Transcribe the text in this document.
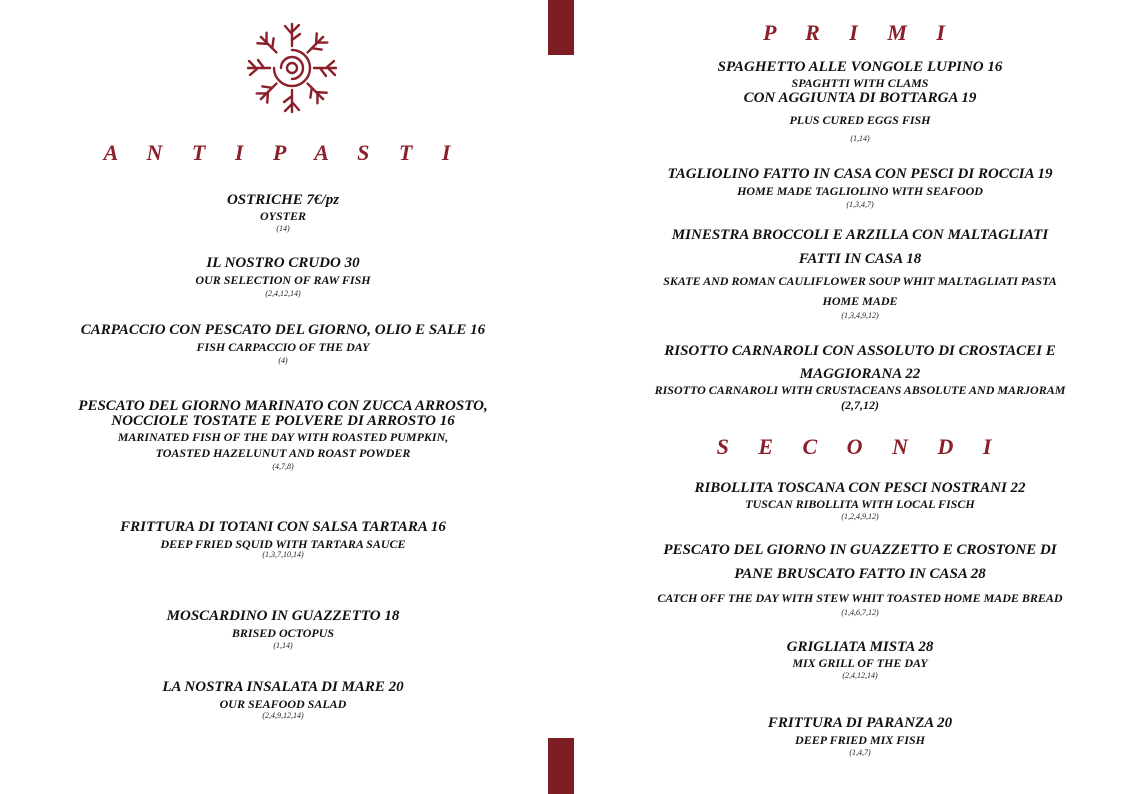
A N T I P A S T I
OSTRICHE 7€/pz
OYSTER
(14)
IL NOSTRO CRUDO 30
OUR SELECTION OF RAW FISH
(2,4,12,14)
CARPACCIO CON PESCATO DEL GIORNO, OLIO E SALE 16
FISH CARPACCIO OF THE DAY
(4)
PESCATO DEL GIORNO MARINATO CON ZUCCA ARROSTO,
NOCCIOLE TOSTATE E POLVERE DI ARROSTO 16
MARINATED FISH OF THE DAY WITH ROASTED PUMPKIN,
TOASTED HAZELUNUT AND ROAST POWDER
(4,7,8)
FRITTURA DI TOTANI CON SALSA TARTARA 16
DEEP FRIED SQUID WITH TARTARA SAUCE
(1,3,7,10,14)
MOSCARDINO IN GUAZZETTO 18
BRISED OCTOPUS
(1,14)
LA NOSTRA INSALATA DI MARE 20
OUR SEAFOOD SALAD
(2,4,9,12,14)
P R I M I
SPAGHETTO ALLE VONGOLE LUPINO 16
SPAGHTTI WITH CLAMS
CON AGGIUNTA DI BOTTARGA 19
PLUS CURED EGGS FISH
(1,14)
TAGLIOLINO FATTO IN CASA CON PESCI DI ROCCIA 19
HOME MADE TAGLIOLINO WITH SEAFOOD
(1,3,4,7)
MINESTRA BROCCOLI E ARZILLA CON MALTAGLIATI
FATTI IN CASA 18
SKATE AND ROMAN CAULIFLOWER SOUP WHIT MALTAGLIATI PASTA
HOME MADE
(1,3,4,9,12)
RISOTTO CARNAROLI CON ASSOLUTO DI CROSTACEI E
MAGGIORANA 22
RISOTTO CARNAROLI WITH CRUSTACEANS ABSOLUTE AND MARJORAM
(2,7,12)
S E C O N D I
RIBOLLITA TOSCANA CON PESCI NOSTRANI 22
TUSCAN RIBOLLITA WITH LOCAL FISCH
(1,2,4,9,12)
PESCATO DEL GIORNO IN GUAZZETTO E CROSTONE DI
PANE BRUSCATO FATTO IN CASA 28
CATCH OFF THE DAY WITH STEW WHIT TOASTED HOME MADE BREAD
(1,4,6,7,12)
GRIGLIATA MISTA 28
MIX GRILL OF THE DAY
(2,4,12,14)
FRITTURA DI PARANZA 20
DEEP FRIED MIX FISH
(1,4,7)
